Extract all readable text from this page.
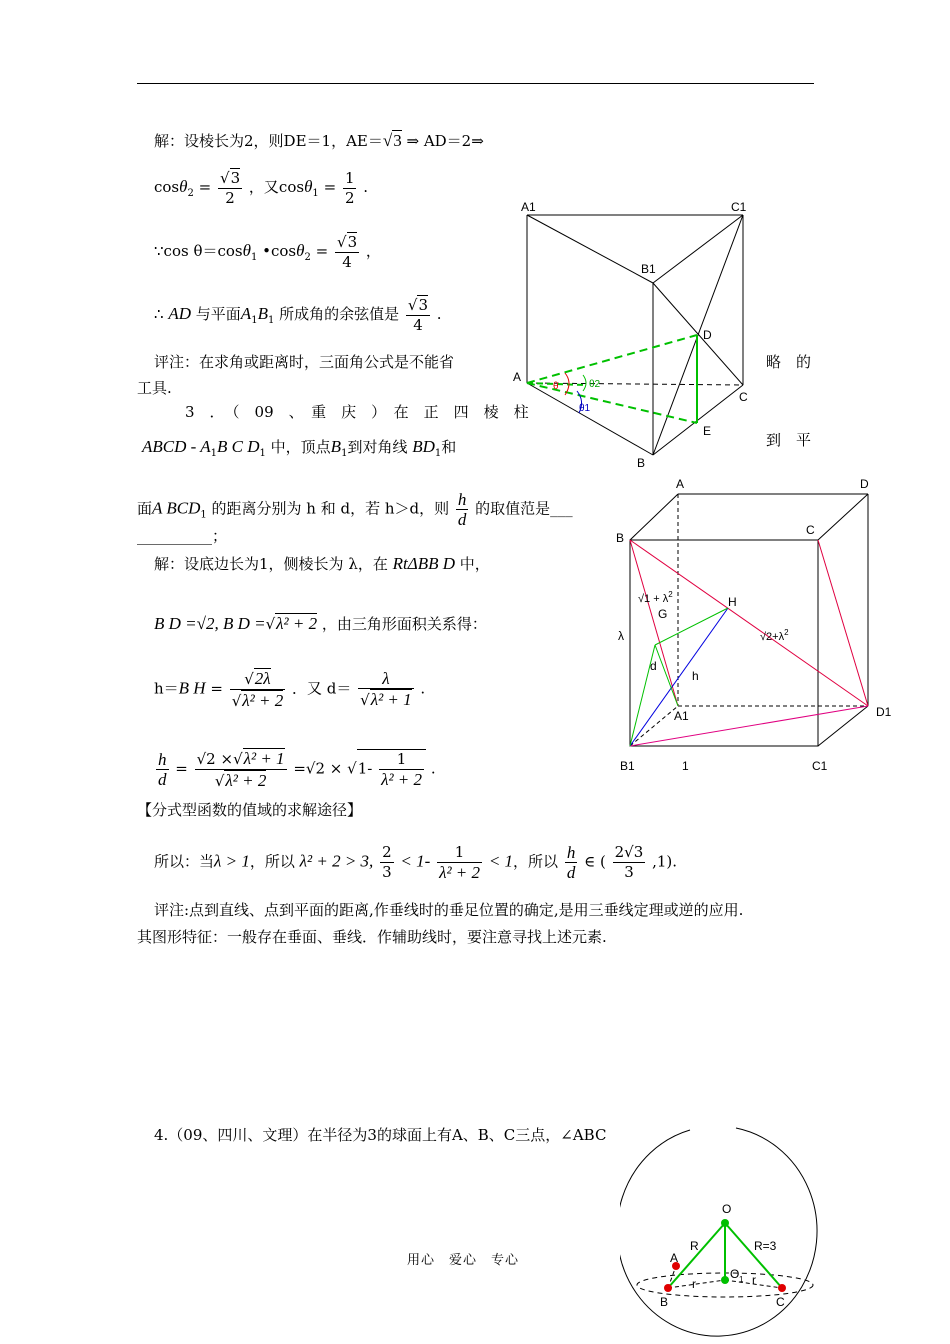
解：设棱长为2，则DE＝1，AE＝√3 ⇒ AD＝2⇒
$\cos\theta_2 = \frac{√3}{2}$ ，又$\cos\theta_1 = \frac{1}{2}$ .
∵cos θ＝cosθ$_1$ •cosθ$_2$ = $\frac{√3}{4}$ ，
∴ AD 与平面$A_1B_1$ 所成角的余弦值是 $\frac{√3}{4}$ .
评注：在求角或距离时，三面角公式是不能省	略　的
工具.
3　．　（　09　、　重　庆　）　在　正　四　棱　柱
ABCD - $A_1B$ C $D_1$ 中，顶点$B_1$到对角线 $BD_1$和	到　平
面A $BCD_1$ 的距离分别为 h 和 d，若 h＞d，则 $\frac{h}{d}$ 的取值范是___
__________；
解：设底边长为1，侧棱长为 λ，在 RtΔBB D 中，
B D =√2, B D =√λ² + 2 ，由三角形面积关系得：
h＝B $H = \frac{√2\lambda}{\text{√λ² + 2}}$ ．又 $d= \frac{\lambda}{\text{√λ² + 1}}$ .
$\frac{h}{d} = \frac{\text{√2 ×√λ² + 1}}{\text{√λ² + 2}} =√2 \times √1- \frac{1}{\text{λ² + 2}}$ .
【分式型函数的值域的求解途径】
所以：当λ > 1，所以 λ² + 2 > 3, $\frac{2}{3} < 1- \frac{1}{\text{λ² + 2}} < 1$，所以 $\frac{h}{d}$ ∈ ( $\frac{2√3}{3} ,1$).
评注:点到直线、点到平面的距离,作垂线时的垂足位置的确定,是用三垂线定理或逆的应用.
其图形特征：一般存在垂面、垂线．作辅助线时，要注意寻找上述元素.
4.（09、四川、文理）在半径为3的球面上有A、B、C三点，∠ABC
A1	C1
B1
D
A
θ	θ2
θ1
C
E
B
A	D
B
C
H
G
λ
d
h
A1	D1
B1	1	C1
$√1 + \lambda^2$
$√2+\lambda^2$
O
R	R=3
A
r
O 1 r
B	C
用心　爱心　专心
